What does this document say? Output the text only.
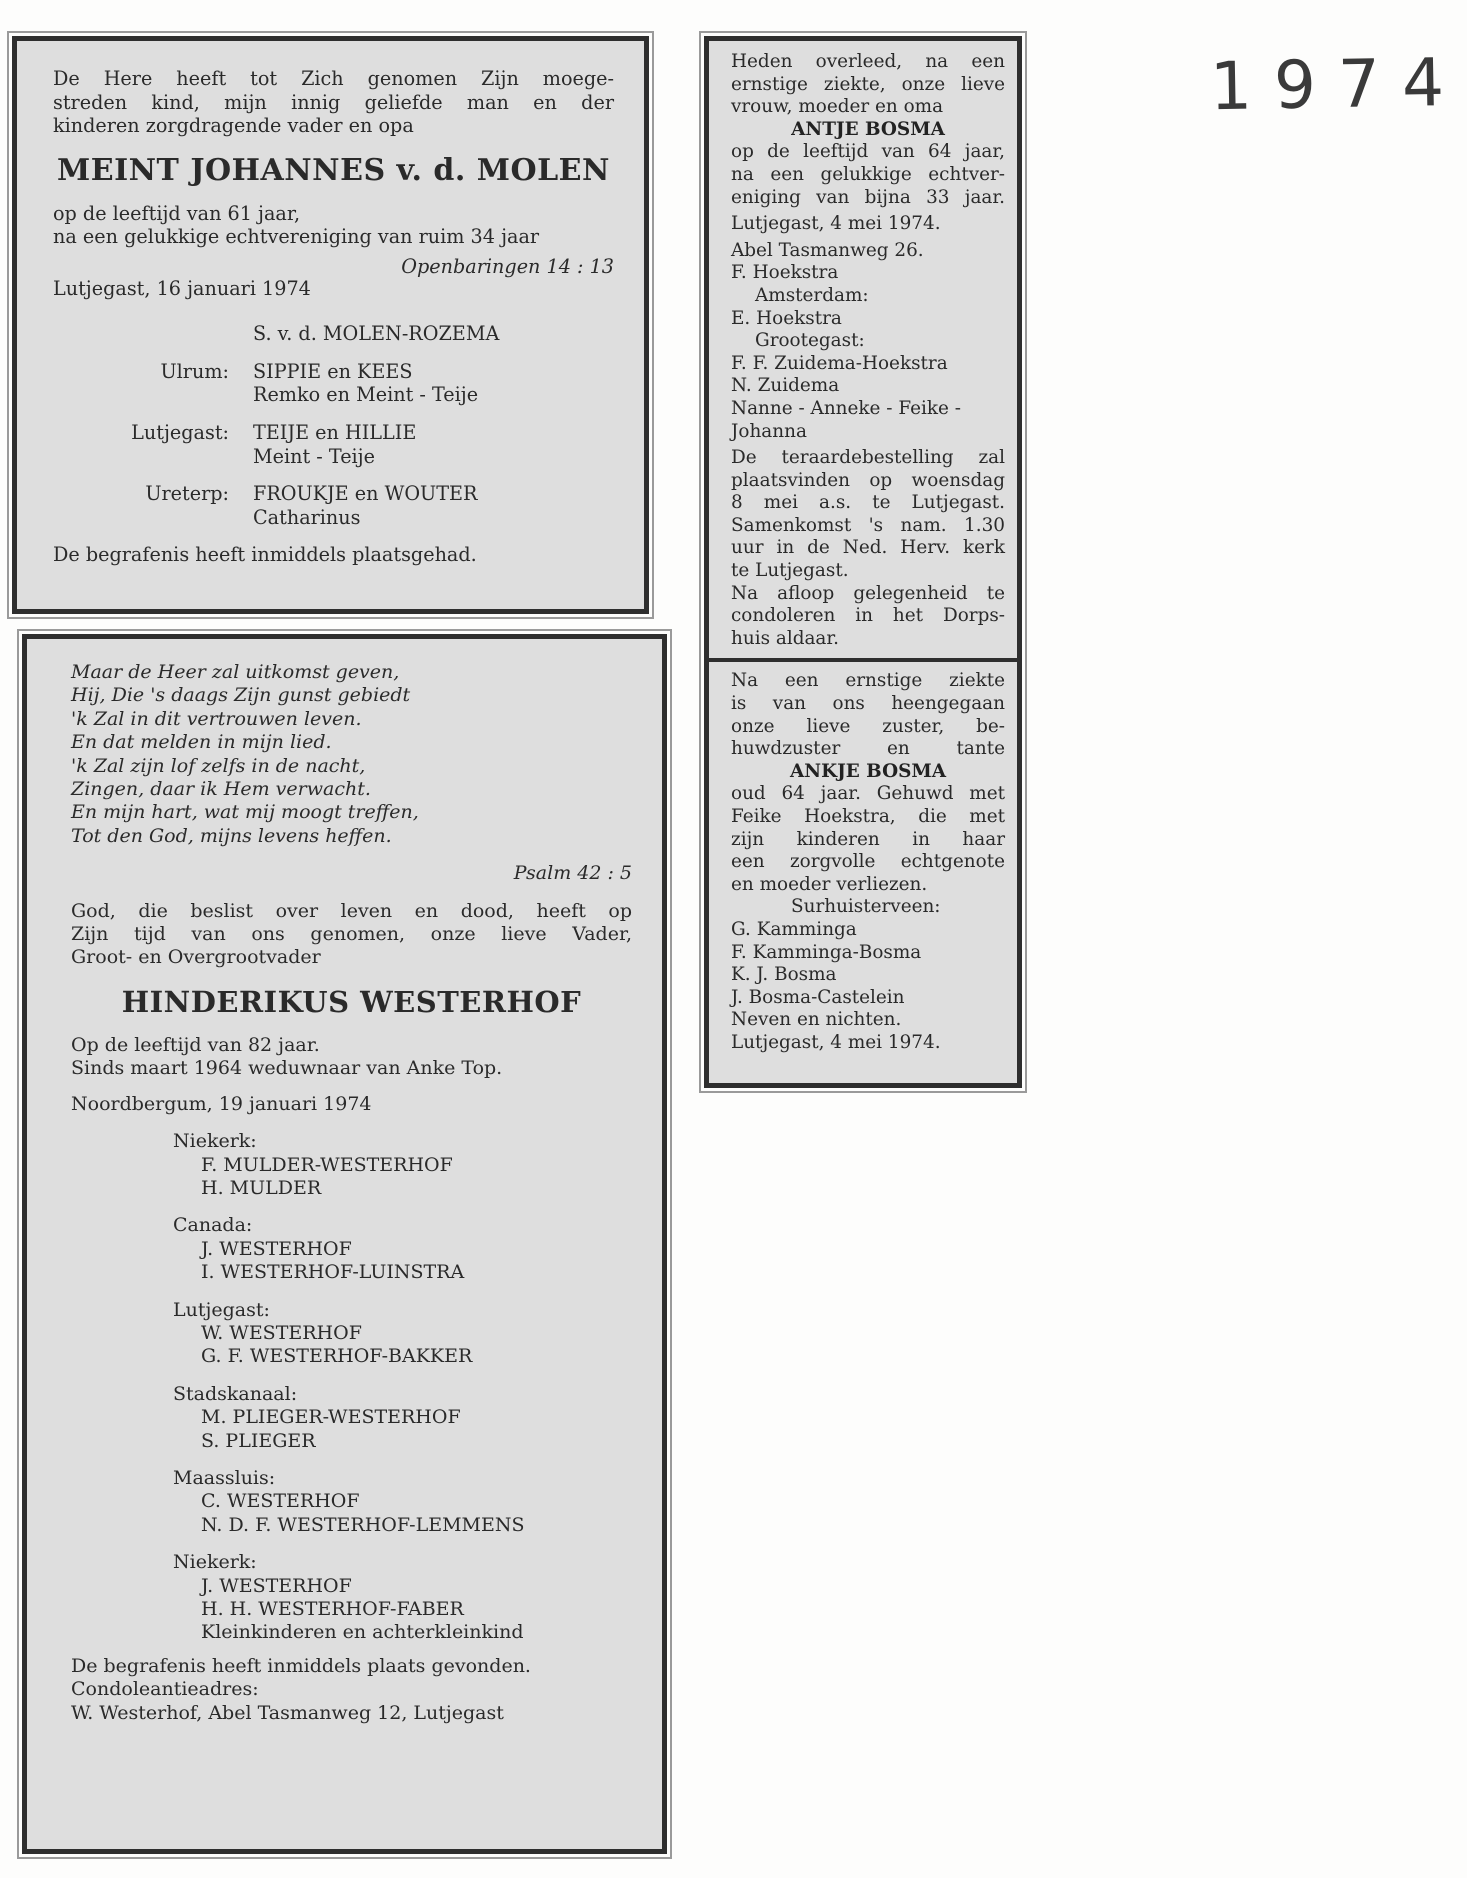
1974
De Here heeft tot Zich genomen Zijn moege-
streden kind, mijn innig geliefde man en der
kinderen zorgdragende vader en opa
MEINT JOHANNES v. d. MOLEN
op de leeftijd van 61 jaar,
na een gelukkige echtvereniging van ruim 34 jaar
Openbaringen 14 : 13
Lutjegast, 16 januari 1974
S. v. d. MOLEN-ROZEMA
Ulrum:	SIPPIE en KEES
Remko en Meint - Teije
Lutjegast:	TEIJE en HILLIE
Meint - Teije
Ureterp:	FROUKJE en WOUTER
Catharinus
De begrafenis heeft inmiddels plaatsgehad.
Maar de Heer zal uitkomst geven,
Hij, Die 's daags Zijn gunst gebiedt
'k Zal in dit vertrouwen leven.
En dat melden in mijn lied.
'k Zal zijn lof zelfs in de nacht,
Zingen, daar ik Hem verwacht.
En mijn hart, wat mij moogt treffen,
Tot den God, mijns levens heffen.
Psalm 42 : 5
God, die beslist over leven en dood, heeft op
Zijn tijd van ons genomen, onze lieve Vader,
Groot- en Overgrootvader
HINDERIKUS WESTERHOF
Op de leeftijd van 82 jaar.
Sinds maart 1964 weduwnaar van Anke Top.
Noordbergum, 19 januari 1974
Niekerk:
F. MULDER-WESTERHOF
H. MULDER
Canada:
J. WESTERHOF
I. WESTERHOF-LUINSTRA
Lutjegast:
W. WESTERHOF
G. F. WESTERHOF-BAKKER
Stadskanaal:
M. PLIEGER-WESTERHOF
S. PLIEGER
Maassluis:
C. WESTERHOF
N. D. F. WESTERHOF-LEMMENS
Niekerk:
J. WESTERHOF
H. H. WESTERHOF-FABER
Kleinkinderen en achterkleinkind
De begrafenis heeft inmiddels plaats gevonden.
Condoleantieadres:
W. Westerhof, Abel Tasmanweg 12, Lutjegast
Heden overleed, na een
ernstige ziekte, onze lieve
vrouw, moeder en oma
ANTJE BOSMA
op de leeftijd van 64 jaar,
na een gelukkige echtver-
eniging van bijna 33 jaar.
Lutjegast, 4 mei 1974.
Abel Tasmanweg 26.
F. Hoekstra
Amsterdam:
E. Hoekstra
Grootegast:
F. F. Zuidema-Hoekstra
N. Zuidema
Nanne - Anneke - Feike -
Johanna
De teraardebestelling zal
plaatsvinden op woensdag
8 mei a.s. te Lutjegast.
Samenkomst 's nam. 1.30
uur in de Ned. Herv. kerk
te Lutjegast.
Na afloop gelegenheid te
condoleren in het Dorps-
huis aldaar.
Na een ernstige ziekte
is van ons heengegaan
onze lieve zuster, be-
huwdzuster en tante
ANKJE BOSMA
oud 64 jaar. Gehuwd met
Feike Hoekstra, die met
zijn kinderen in haar
een zorgvolle echtgenote
en moeder verliezen.
Surhuisterveen:
G. Kamminga
F. Kamminga-Bosma
K. J. Bosma
J. Bosma-Castelein
Neven en nichten.
Lutjegast, 4 mei 1974.
